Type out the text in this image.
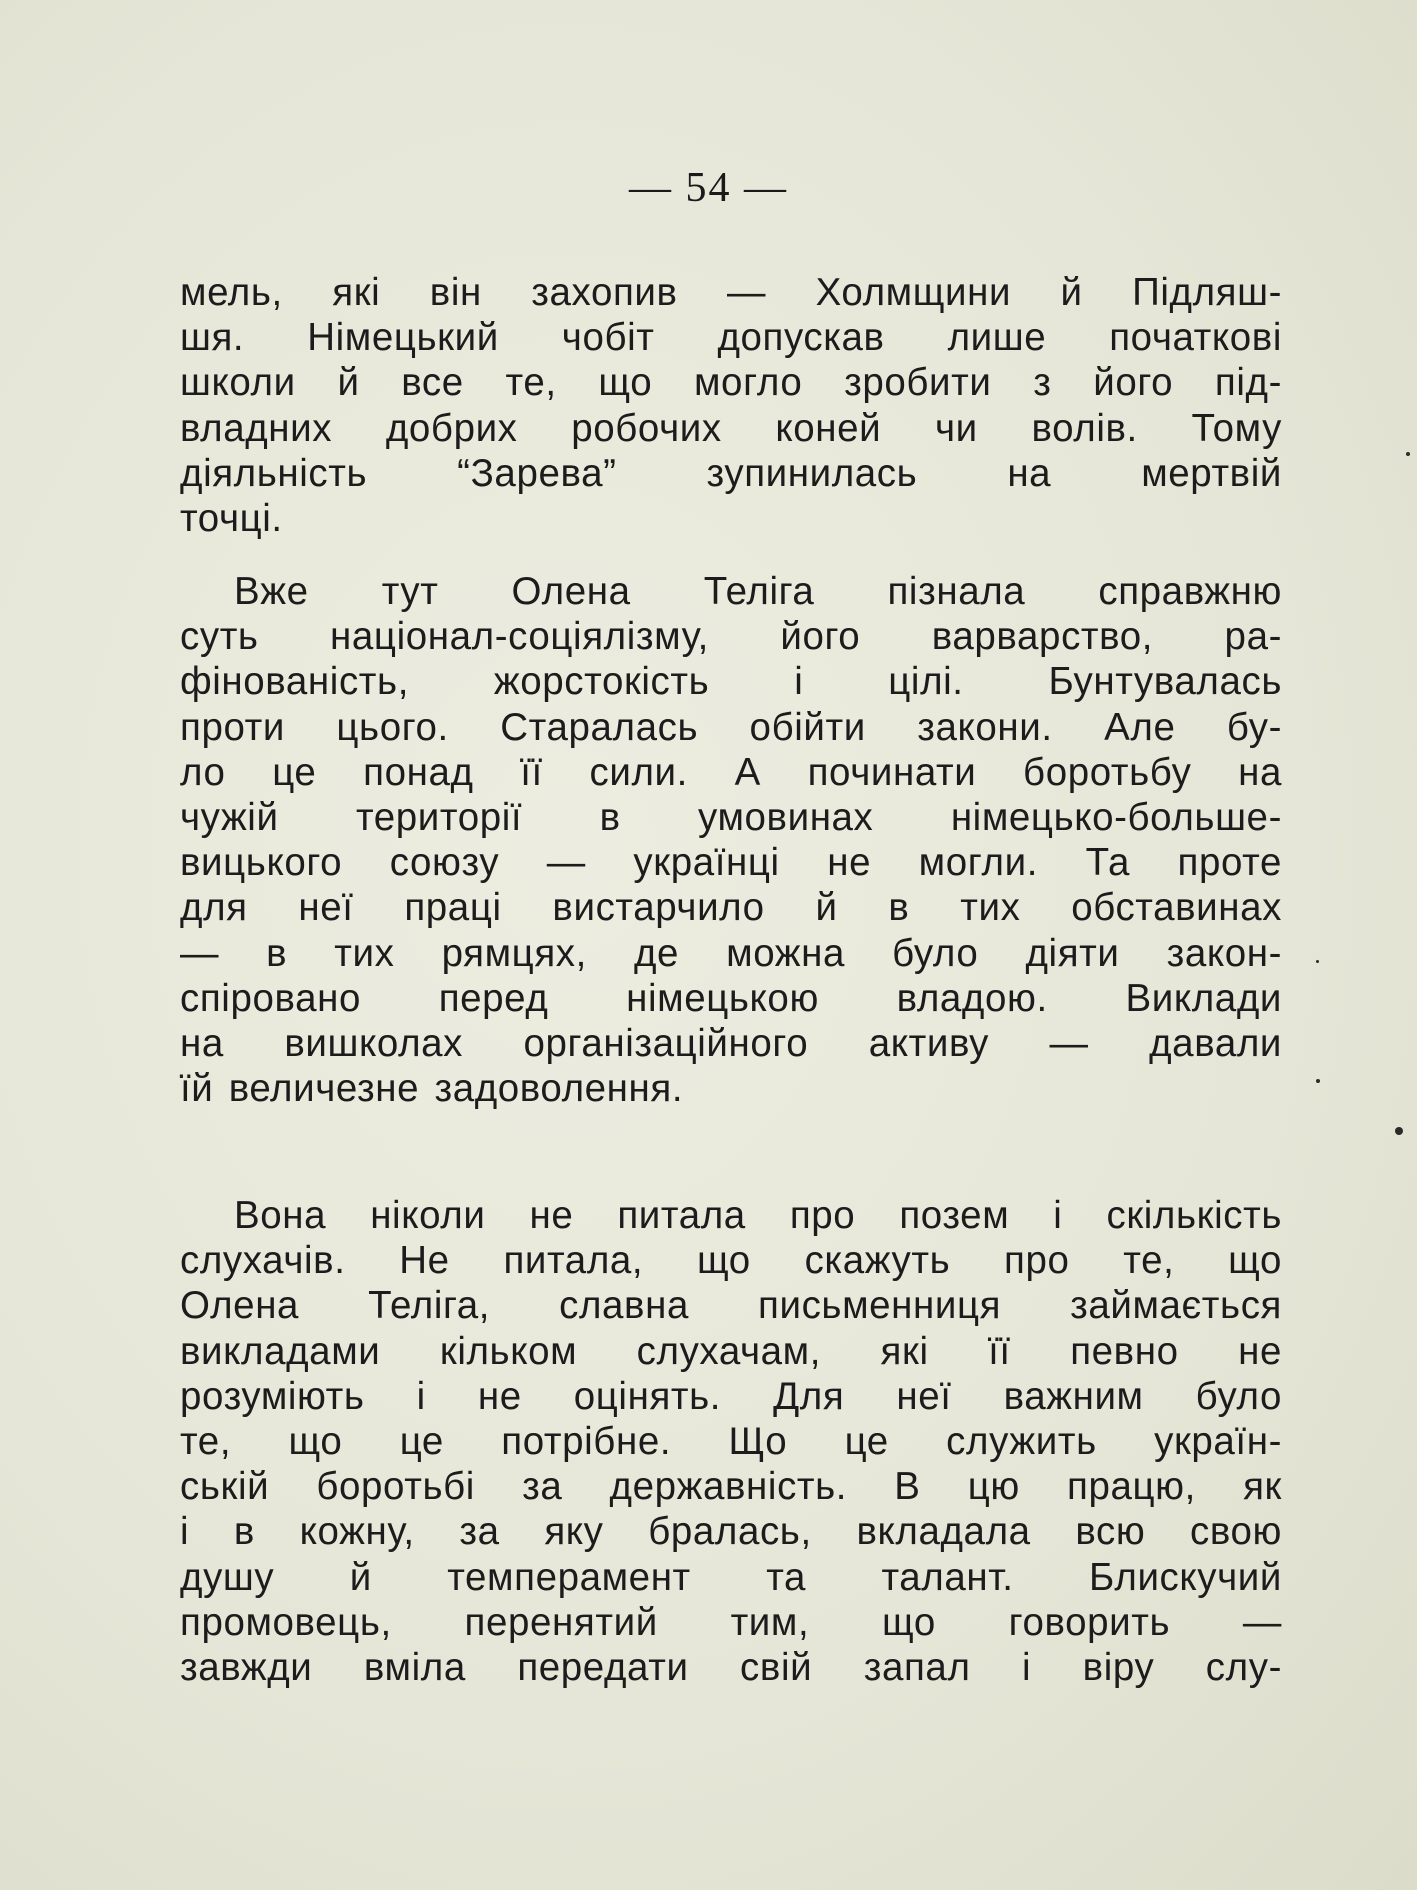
— 54 —
мель, які він захопив — Холмщини й Підляш-
шя. Німецький чобіт допускав лише початкові
школи й все те, що могло зробити з його під-
владних добрих робочих коней чи волів. Тому
діяльність “Зарева” зупинилась на мертвій
точці.
Вже тут Олена Теліга пізнала справжню
суть націонал-соціялізму, його варварство, ра-
фінованість, жорстокість і цілі. Бунтувалась
проти цього. Старалась обійти закони. Але бу-
ло це понад її сили. А починати боротьбу на
чужій території в умовинах німецько-больше-
вицького союзу — українці не могли. Та проте
для неї праці вистарчило й в тих обставинах
— в тих рямцях, де можна було діяти закон-
спіровано перед німецькою владою. Виклади
на вишколах організаційного активу — давали
їй величезне задоволення.
Вона ніколи не питала про позем і скількість
слухачів. Не питала, що скажуть про те, що
Олена Теліга, славна письменниця займається
викладами кільком слухачам, які її певно не
розуміють і не оцінять. Для неї важним було
те, що це потрібне. Що це служить україн-
ській боротьбі за державність. В цю працю, як
і в кожну, за яку бралась, вкладала всю свою
душу й темперамент та талант. Блискучий
промовець, перенятий тим, що говорить —
завжди вміла передати свій запал і віру слу-
